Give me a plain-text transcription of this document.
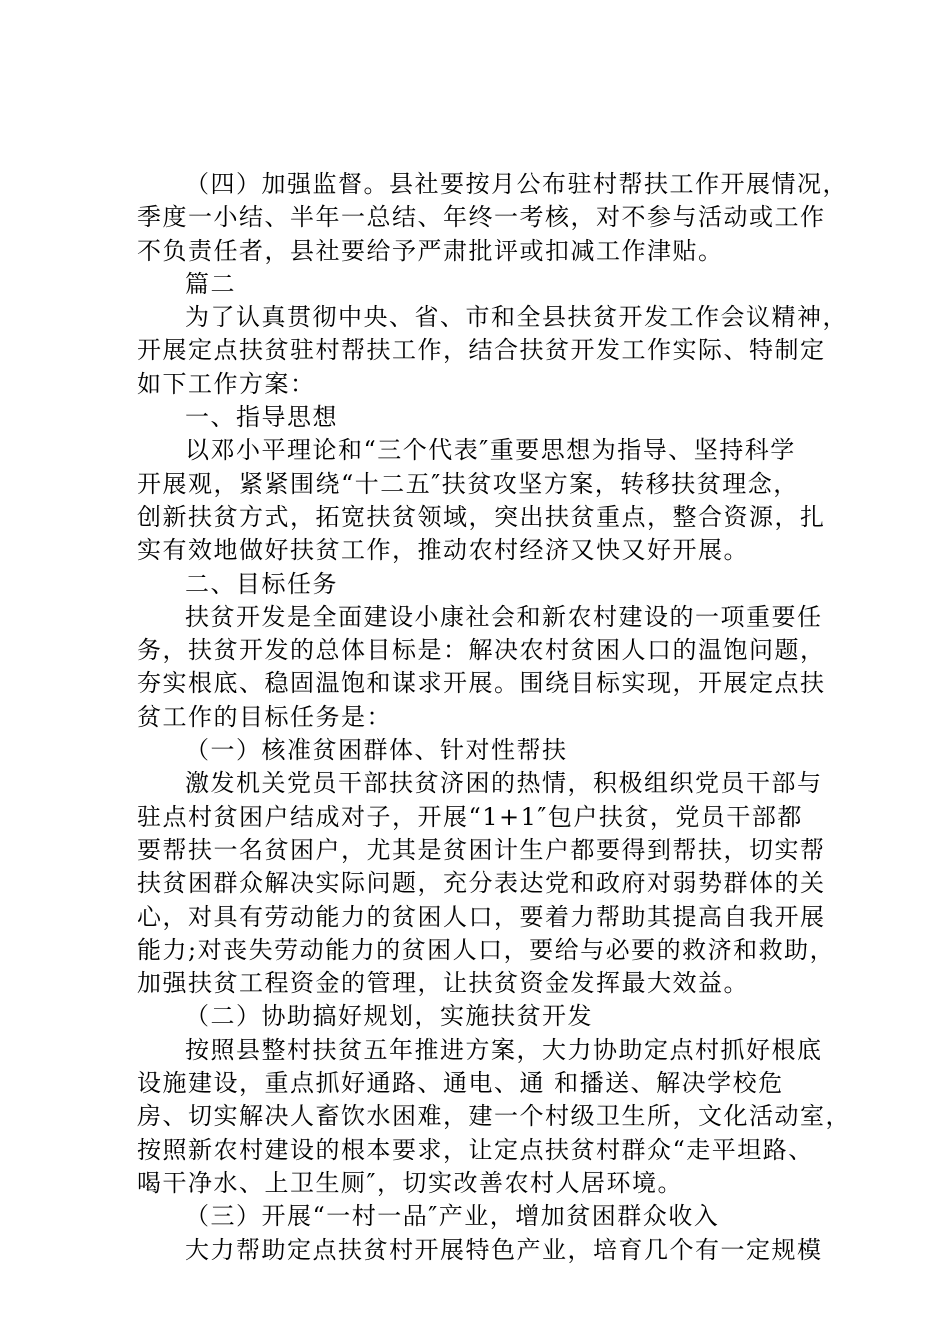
（四）加强监督。县社要按月公布驻村帮扶工作开展情况，
季度一小结、半年一总结、年终一考核，对不参与活动或工作
不负责任者，县社要给予严肃批评或扣减工作津贴。
篇二
为了认真贯彻中央、省、市和全县扶贫开发工作会议精神，
开展定点扶贫驻村帮扶工作，结合扶贫开发工作实际、特制定
如下工作方案：
一、指导思想
以邓小平理论和“三个代表″重要思想为指导、坚持科学
开展观，紧紧围绕“十二五″扶贫攻坚方案，转移扶贫理念，
创新扶贫方式，拓宽扶贫领域，突出扶贫重点，整合资源，扎
实有效地做好扶贫工作，推动农村经济又快又好开展。
二、目标任务
扶贫开发是全面建设小康社会和新农村建设的一项重要任
务，扶贫开发的总体目标是：解决农村贫困人口的温饱问题，
夯实根底、稳固温饱和谋求开展。围绕目标实现，开展定点扶
贫工作的目标任务是：
（一）核准贫困群体、针对性帮扶
激发机关党员干部扶贫济困的热情，积极组织党员干部与
驻点村贫困户结成对子，开展“1+1″包户扶贫，党员干部都
要帮扶一名贫困户，尤其是贫困计生户都要得到帮扶，切实帮
扶贫困群众解决实际问题，充分表达党和政府对弱势群体的关
心，对具有劳动能力的贫困人口，要着力帮助其提高自我开展
能力;对丧失劳动能力的贫困人口，要给与必要的救济和救助，
加强扶贫工程资金的管理，让扶贫资金发挥最大效益。
（二）协助搞好规划，实施扶贫开发
按照县整村扶贫五年推进方案，大力协助定点村抓好根底
设施建设，重点抓好通路、通电、通 和播送、解决学校危
房、切实解决人畜饮水困难，建一个村级卫生所，文化活动室，
按照新农村建设的根本要求，让定点扶贫村群众“走平坦路、
喝干净水、上卫生厕″，切实改善农村人居环境。
（三）开展“一村一品″产业，增加贫困群众收入
大力帮助定点扶贫村开展特色产业，培育几个有一定规模
